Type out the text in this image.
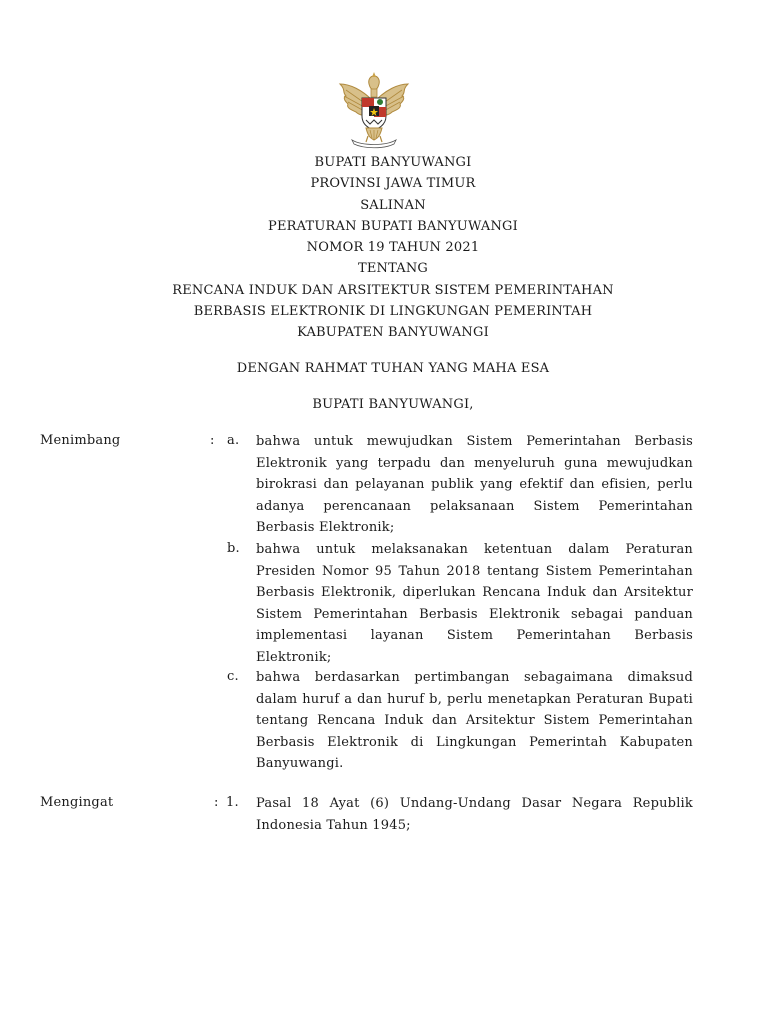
BUPATI BANYUWANGI
PROVINSI JAWA TIMUR
SALINAN
PERATURAN BUPATI BANYUWANGI
NOMOR 19 TAHUN 2021
TENTANG
RENCANA INDUK DAN ARSITEKTUR SISTEM PEMERINTAHAN
BERBASIS ELEKTRONIK DI LINGKUNGAN PEMERINTAH
KABUPATEN BANYUWANGI
DENGAN RAHMAT TUHAN YANG MAHA ESA
BUPATI BANYUWANGI,
Menimbang	: a. bahwa untuk mewujudkan Sistem Pemerintahan Berbasis Elektronik yang terpadu dan menyeluruh guna mewujudkan birokrasi dan pelayanan publik yang efektif dan efisien, perlu adanya perencanaan pelaksanaan Sistem Pemerintahan Berbasis Elektronik;
b. bahwa untuk melaksanakan ketentuan dalam Peraturan Presiden Nomor 95 Tahun 2018 tentang Sistem Pemerintahan Berbasis Elektronik, diperlukan Rencana Induk dan Arsitektur Sistem Pemerintahan Berbasis Elektronik sebagai panduan implementasi layanan Sistem Pemerintahan Berbasis Elektronik;
c. bahwa berdasarkan pertimbangan sebagaimana dimaksud dalam huruf a dan huruf b, perlu menetapkan Peraturan Bupati tentang Rencana Induk dan Arsitektur Sistem Pemerintahan Berbasis Elektronik di Lingkungan Pemerintah Kabupaten Banyuwangi.
Mengingat	: 1. Pasal 18 Ayat (6) Undang-Undang Dasar Negara Republik Indonesia Tahun 1945;
